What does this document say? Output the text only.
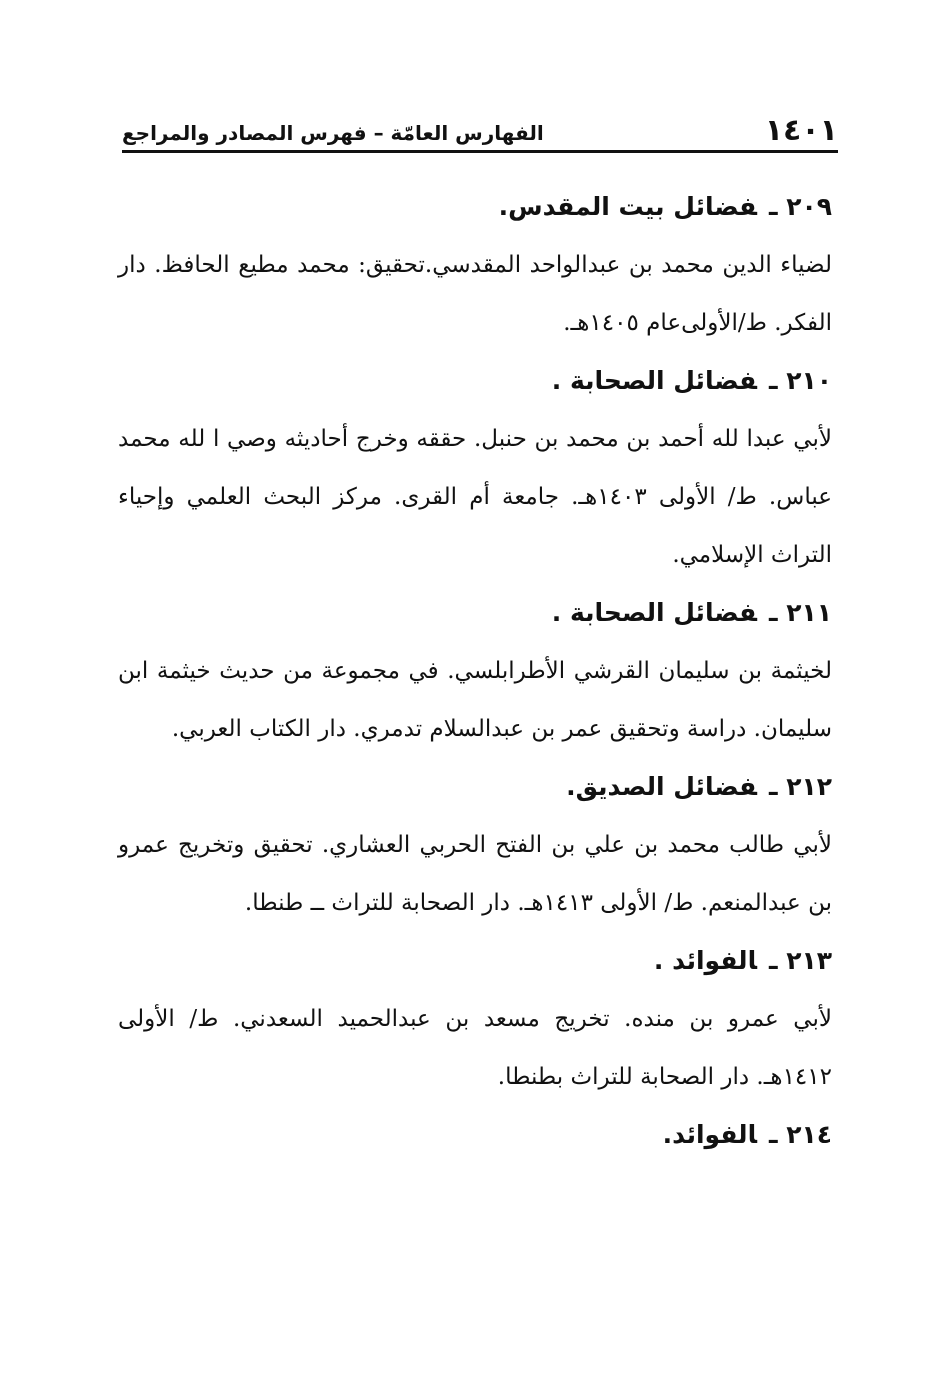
١٤٠١
الفهارس العامّة – فهرس المصادر والمراجع
٢٠٩ ـفضائل بيت المقدس.
لضياء الدين محمد بن عبدالواحد المقدسي.تحقيق: محمد مطيع الحافظ. دار الفكر. ط/الأولى‌عام ١٤٠٥هـ.
٢١٠ ـفضائل الصحابة .
لأبي عبدا لله أحمد بن محمد بن حنبل. حققه وخرج أحاديثه وصي ا لله محمد عباس. ط/ الأولى ١٤٠٣هـ. جامعة أم القرى. مركز البحث العلمي وإحياء التراث الإسلامي.
٢١١ ـفضائل الصحابة .
لخيثمة بن سليمان القرشي الأطرابلسي. في مجموعة من حديث خيثمة ابن سليمان. دراسة وتحقيق عمر بن عبدالسلام تدمري. دار الكتاب العربي.
٢١٢ ـفضائل الصديق.
لأبي طالب محمد بن علي بن الفتح الحربي العشاري. تحقيق وتخريج عمرو بن عبدالمنعم. ط/ الأولى ١٤١٣هـ. دار الصحابة للتراث ــ طنطا.
٢١٣ ـالفوائد .
لأبي عمرو بن منده. تخريج مسعد بن عبدالحميد السعدني. ط/ الأولى ١٤١٢هـ. دار الصحابة للتراث بطنطا.
٢١٤ ـالفوائد.
